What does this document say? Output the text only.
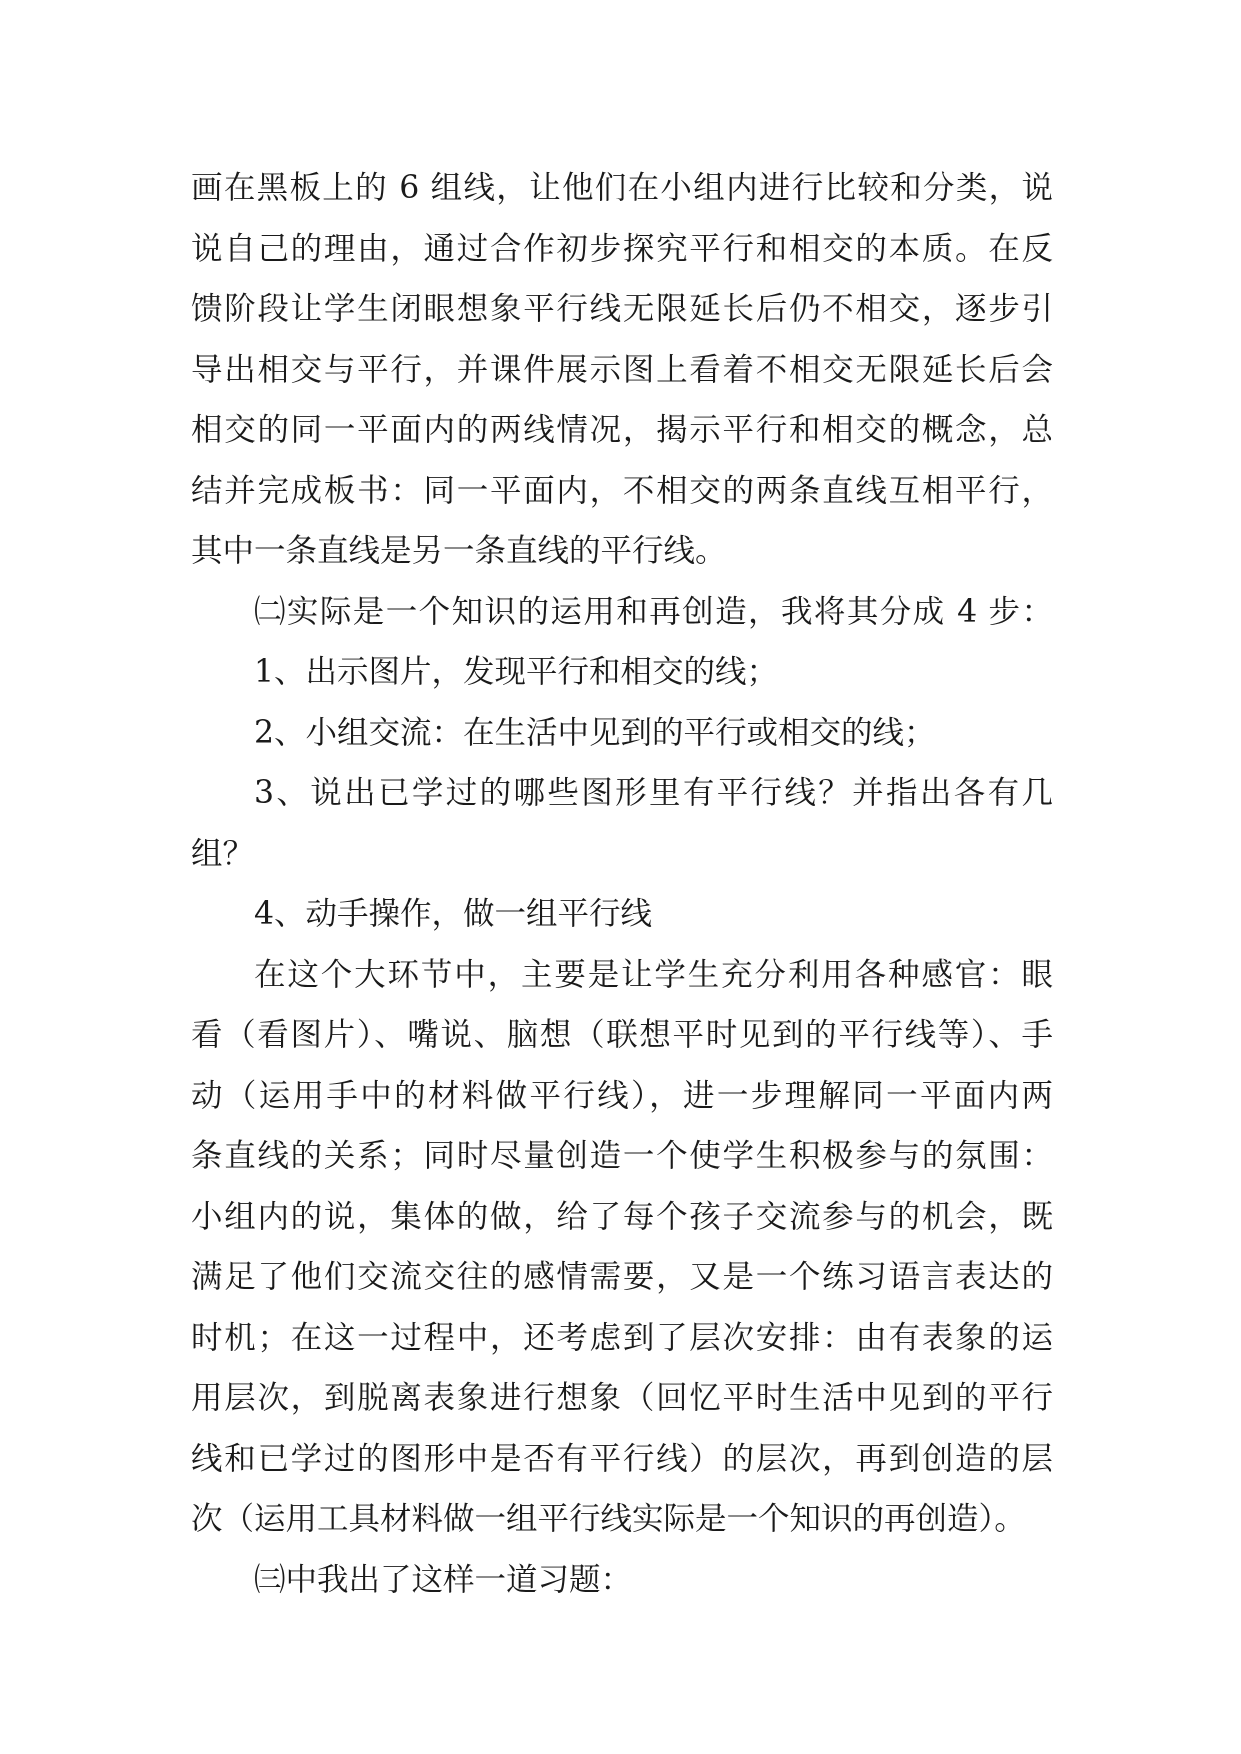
画在黑板上的 6 组线，让他们在小组内进行比较和分类，说
说自己的理由，通过合作初步探究平行和相交的本质。在反
馈阶段让学生闭眼想象平行线无限延长后仍不相交，逐步引
导出相交与平行，并课件展示图上看着不相交无限延长后会
相交的同一平面内的两线情况，揭示平行和相交的概念，总
结并完成板书：同一平面内，不相交的两条直线互相平行，
其中一条直线是另一条直线的平行线。
㈡实际是一个知识的运用和再创造，我将其分成 4 步：
1、出示图片，发现平行和相交的线；
2、小组交流：在生活中见到的平行或相交的线；
3、说出已学过的哪些图形里有平行线？并指出各有几
组？
4、动手操作，做一组平行线
在这个大环节中，主要是让学生充分利用各种感官：眼
看（看图片）、嘴说、脑想（联想平时见到的平行线等）、手
动（运用手中的材料做平行线），进一步理解同一平面内两
条直线的关系；同时尽量创造一个使学生积极参与的氛围：
小组内的说，集体的做，给了每个孩子交流参与的机会，既
满足了他们交流交往的感情需要，又是一个练习语言表达的
时机；在这一过程中，还考虑到了层次安排：由有表象的运
用层次，到脱离表象进行想象（回忆平时生活中见到的平行
线和已学过的图形中是否有平行线）的层次，再到创造的层
次（运用工具材料做一组平行线实际是一个知识的再创造）。
㈢中我出了这样一道习题：
